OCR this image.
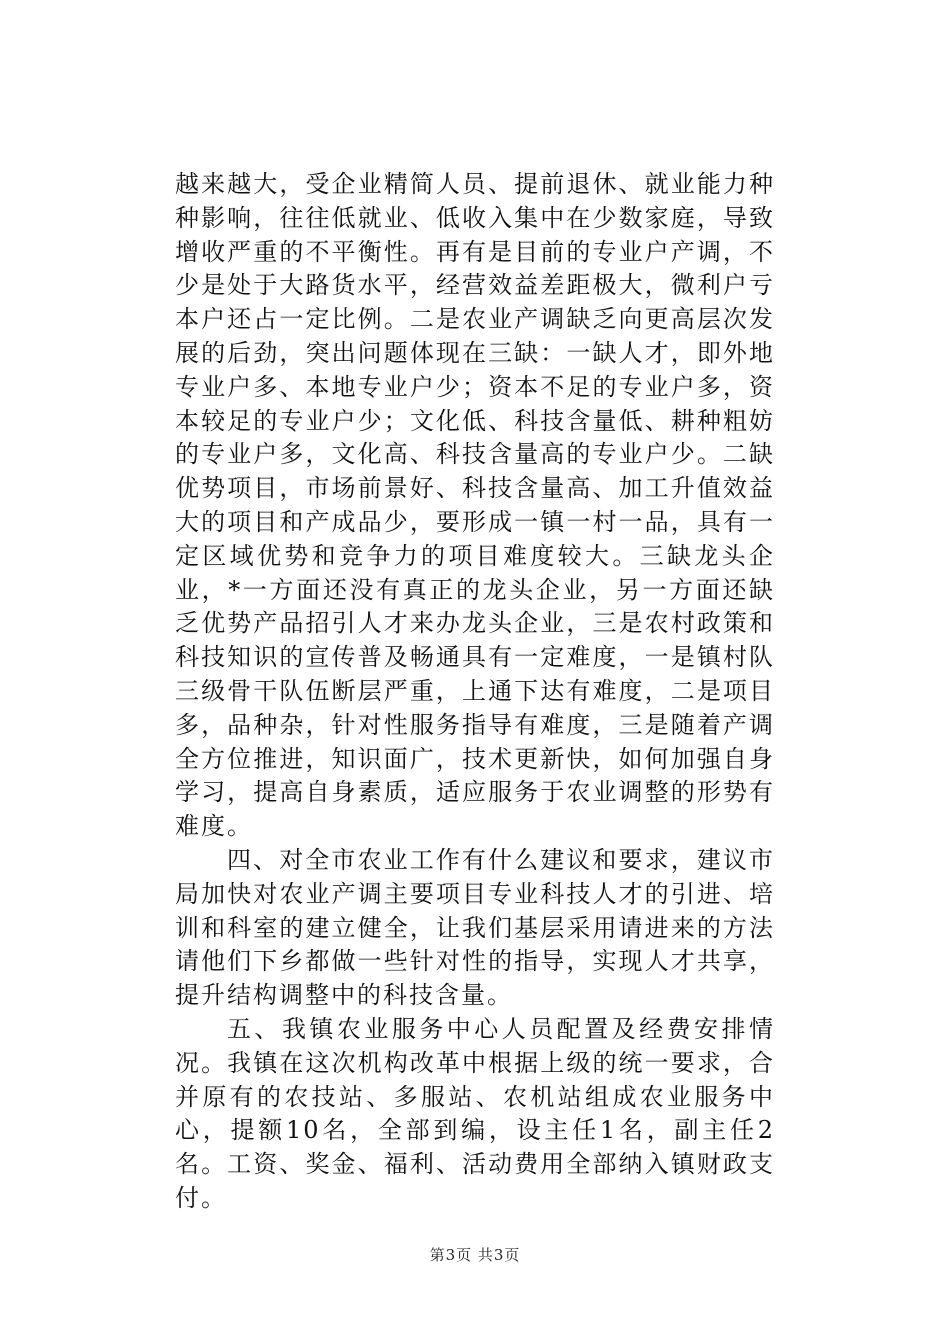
越来越大，受企业精简人员、提前退休、就业能力种种影响，往往低就业、低收入集中在少数家庭，导致增收严重的不平衡性。再有是目前的专业户产调，不少是处于大路货水平，经营效益差距极大，微利户亏本户还占一定比例。二是农业产调缺乏向更高层次发展的后劲，突出问题体现在三缺：一缺人才，即外地专业户多、本地专业户少；资本不足的专业户多，资本较足的专业户少；文化低、科技含量低、耕种粗妨的专业户多，文化高、科技含量高的专业户少。二缺优势项目，市场前景好、科技含量高、加工升值效益大的项目和产成品少，要形成一镇一村一品，具有一定区域优势和竞争力的项目难度较大。三缺龙头企业，*一方面还没有真正的龙头企业，另一方面还缺乏优势产品招引人才来办龙头企业，三是农村政策和科技知识的宣传普及畅通具有一定难度，一是镇村队三级骨干队伍断层严重，上通下达有难度，二是项目多，品种杂，针对性服务指导有难度，三是随着产调全方位推进，知识面广，技术更新快，如何加强自身学习，提高自身素质，适应服务于农业调整的形势有难度。

四、对全市农业工作有什么建议和要求，建议市局加快对农业产调主要项目专业科技人才的引进、培训和科室的建立健全，让我们基层采用请进来的方法请他们下乡都做一些针对性的指导，实现人才共享，提升结构调整中的科技含量。

五、我镇农业服务中心人员配置及经费安排情况。我镇在这次机构改革中根据上级的统一要求，合并原有的农技站、多服站、农机站组成农业服务中心，提额10名，全部到编，设主任1名，副主任2名。工资、奖金、福利、活动费用全部纳入镇财政支付。

第3页 共3页
